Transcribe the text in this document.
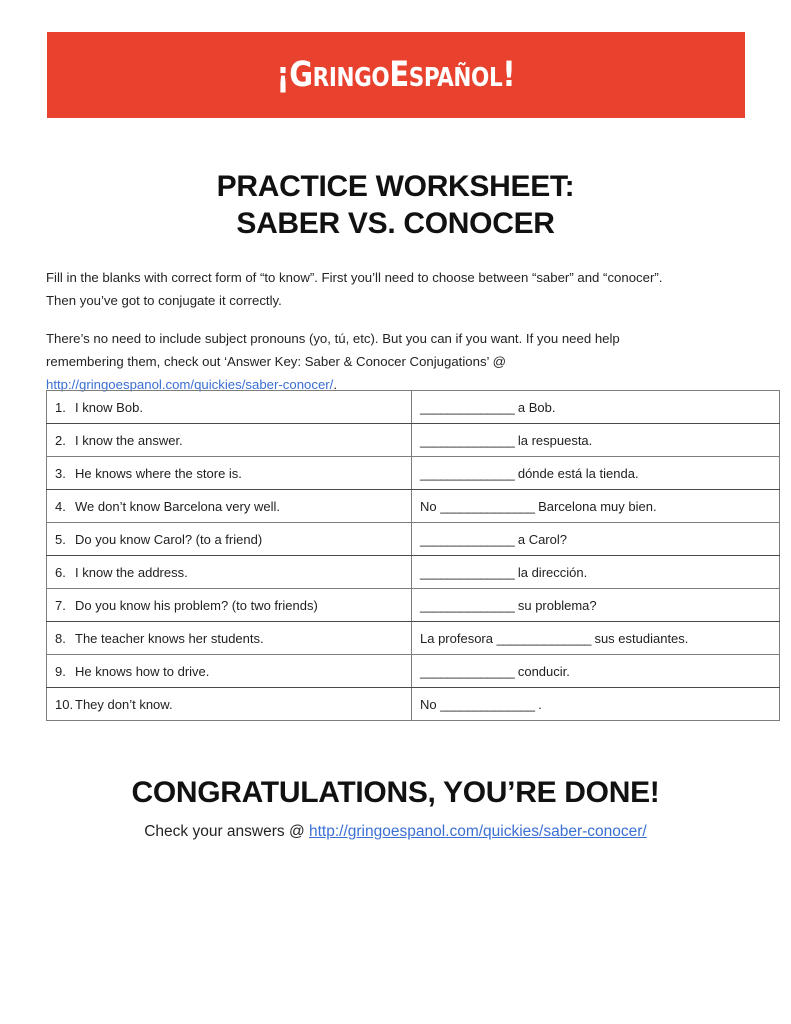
¡GRINGOESPAÑOL!
PRACTICE WORKSHEET:
SABER VS. CONOCER

Fill in the blanks with correct form of “to know”. First you’ll need to choose between “saber” and “conocer”. Then you’ve got to conjugate it correctly.

There’s no need to include subject pronouns (yo, tú, etc). But you can if you want. If you need help remembering them, check out ‘Answer Key: Saber & Conocer Conjugations’ @ http://gringoespanol.com/quickies/saber-conocer/.

1. I know Bob.	______________ a Bob.
2. I know the answer.	______________ la respuesta.
3. He knows where the store is.	______________ dónde está la tienda.
4. We don’t know Barcelona very well.	No ______________ Barcelona muy bien.
5. Do you know Carol? (to a friend)	______________ a Carol?
6. I know the address.	______________ la dirección.
7. Do you know his problem? (to two friends)	______________ su problema?
8. The teacher knows her students.	La profesora ______________ sus estudiantes.
9. He knows how to drive.	______________ conducir.
10. They don’t know.	No ______________ .
CONGRATULATIONS, YOU’RE DONE!
Check your answers @ http://gringoespanol.com/quickies/saber-conocer/
